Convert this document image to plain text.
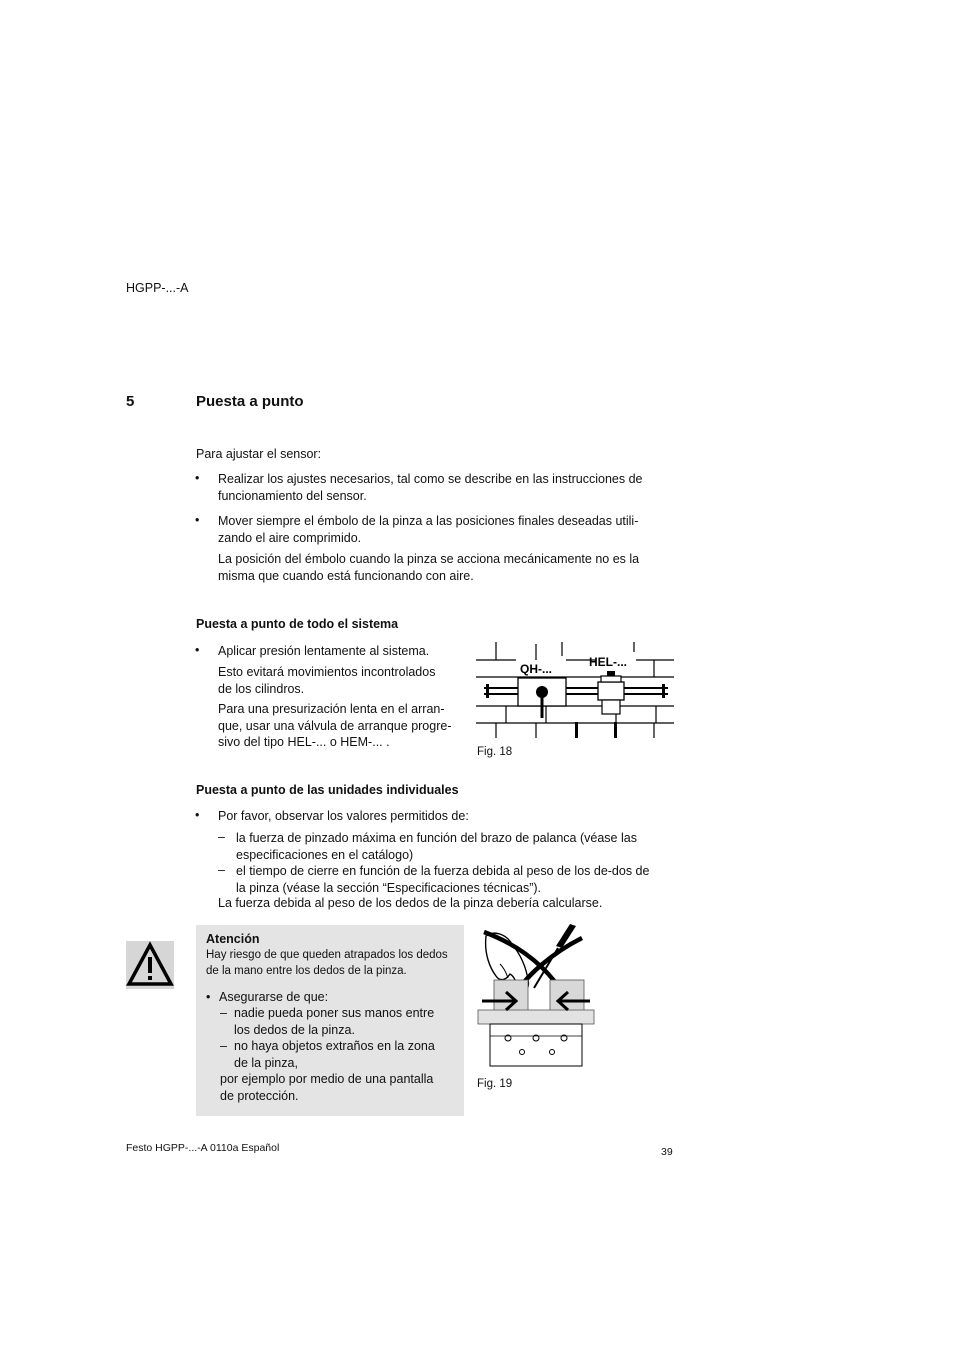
HGPP-...-A
5	Puesta a punto
Para ajustar el sensor:
• Realizar los ajustes necesarios, tal como se describe en las instrucciones de
funcionamiento del sensor.
• Mover siempre el émbolo de la pinza a las posiciones finales deseadas utili-
zando el aire comprimido.
La posición del émbolo cuando la pinza se acciona mecánicamente no es la
misma que cuando está funcionando con aire.
Puesta a punto de todo el sistema
• Aplicar presión lentamente al sistema.
Esto evitará movimientos incontrolados
de los cilindros.
Para una presurización lenta en el arran-
que, usar una válvula de arranque progre-
sivo del tipo HEL-... o HEM-... .
QH-...	HEL-...
Fig. 18
Puesta a punto de las unidades individuales
• Por favor, observar los valores permitidos de:
– la fuerza de pinzado máxima en función del brazo de palanca (véase las
especificaciones en el catálogo)
– el tiempo de cierre en función de la fuerza debida al peso de los de-dos de
la pinza (véase la sección “Especificaciones técnicas”).
La fuerza debida al peso de los dedos de la pinza debería calcularse.
Atención
Hay riesgo de que queden atrapados los dedos
de la mano entre los dedos de la pinza.
• Asegurarse de que:
– nadie pueda poner sus manos entre
los dedos de la pinza.
– no haya objetos extraños en la zona
de la pinza,
por ejemplo por medio de una pantalla
de protección.
Fig. 19
Festo HGPP-...-A 0110a Español	39
